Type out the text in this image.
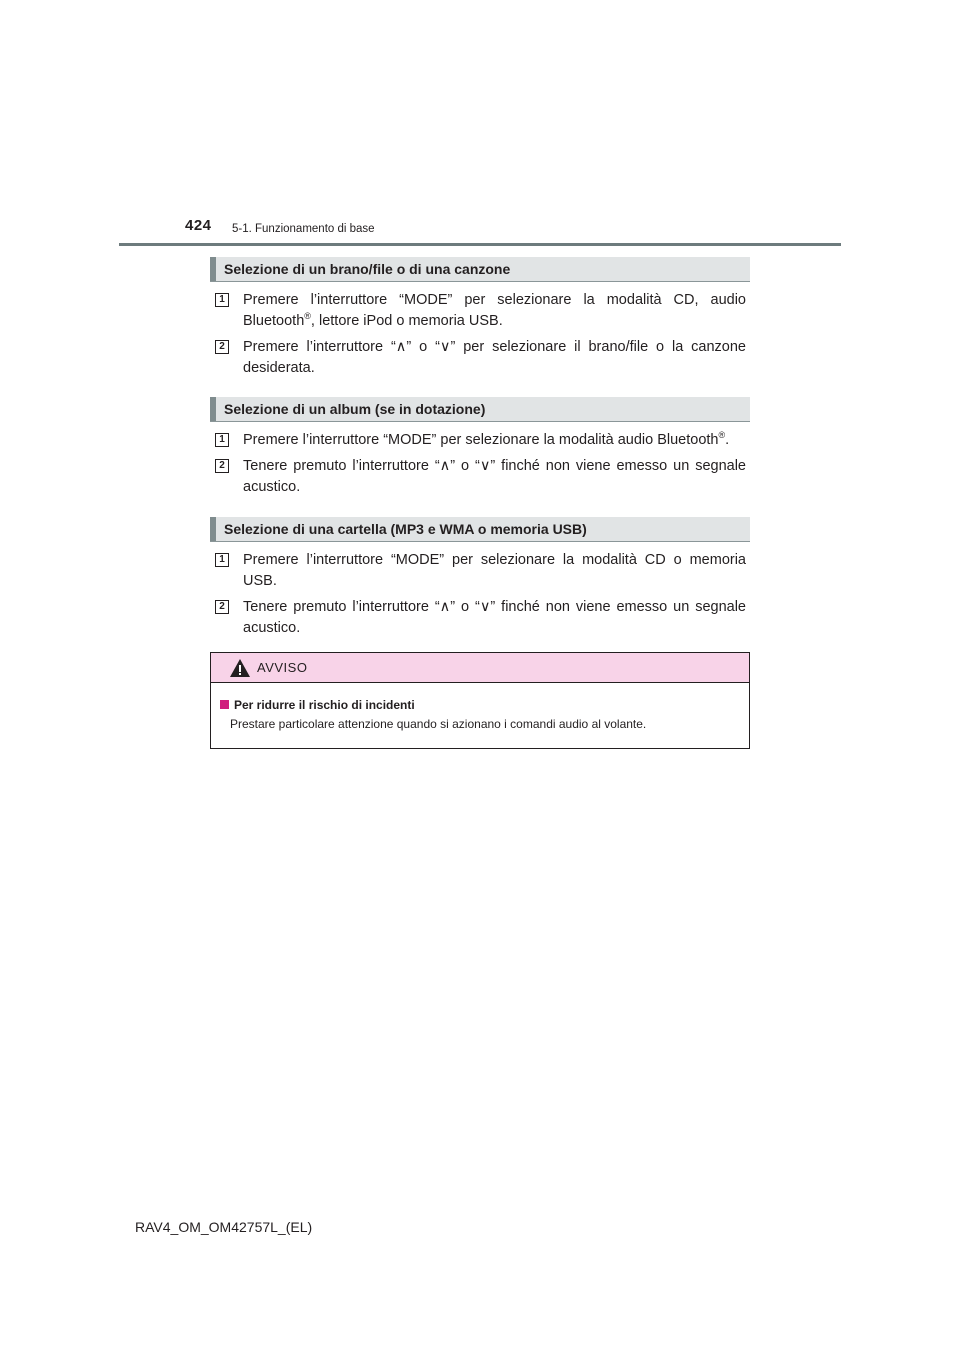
424 5-1. Funzionamento di base
Selezione di un brano/file o di una canzone
1 Premere l’interruttore “MODE” per selezionare la modalità CD, audio Bluetooth®, lettore iPod o memoria USB.
2 Premere l’interruttore “∧” o “∨” per selezionare il brano/file o la canzone desiderata.
Selezione di un album (se in dotazione)
1 Premere l’interruttore “MODE” per selezionare la modalità audio Bluetooth®.
2 Tenere premuto l’interruttore “∧” o “∨” finché non viene emesso un segnale acustico.
Selezione di una cartella (MP3 e WMA o memoria USB)
1 Premere l’interruttore “MODE” per selezionare la modalità CD o memoria USB.
2 Tenere premuto l’interruttore “∧” o “∨” finché non viene emesso un segnale acustico.
AVVISO
Per ridurre il rischio di incidenti
Prestare particolare attenzione quando si azionano i comandi audio al volante.
RAV4_OM_OM42757L_(EL)
